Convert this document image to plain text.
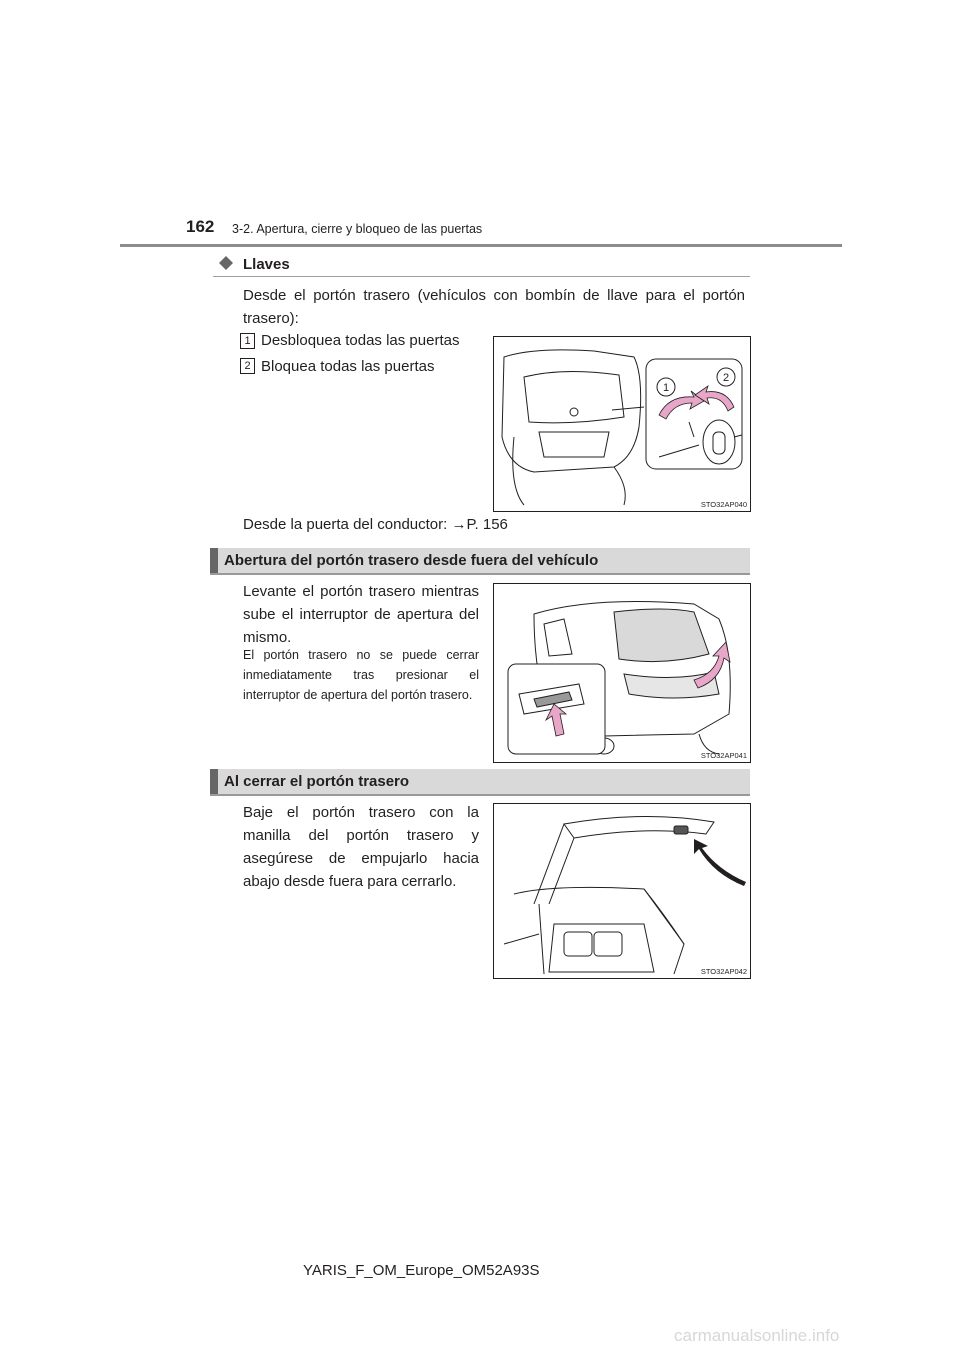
162 3-2. Apertura, cierre y bloqueo de las puertas
Llaves
Desde el portón trasero (vehículos con bombín de llave para el portón trasero):
1 Desbloquea todas las puertas
2 Bloquea todas las puertas
1
2
STO32AP040
Desde la puerta del conductor: →P. 156
Abertura del portón trasero desde fuera del vehículo
Levante el portón trasero mientras sube el interruptor de apertura del mismo.
El portón trasero no se puede cerrar inmediatamente tras presionar el interruptor de apertura del portón trasero.
STO32AP041
Al cerrar el portón trasero
Baje el portón trasero con la manilla del portón trasero y asegúrese de empujarlo hacia abajo desde fuera para cerrarlo.
STO32AP042
YARIS_F_OM_Europe_OM52A93S
carmanualsonline.info
